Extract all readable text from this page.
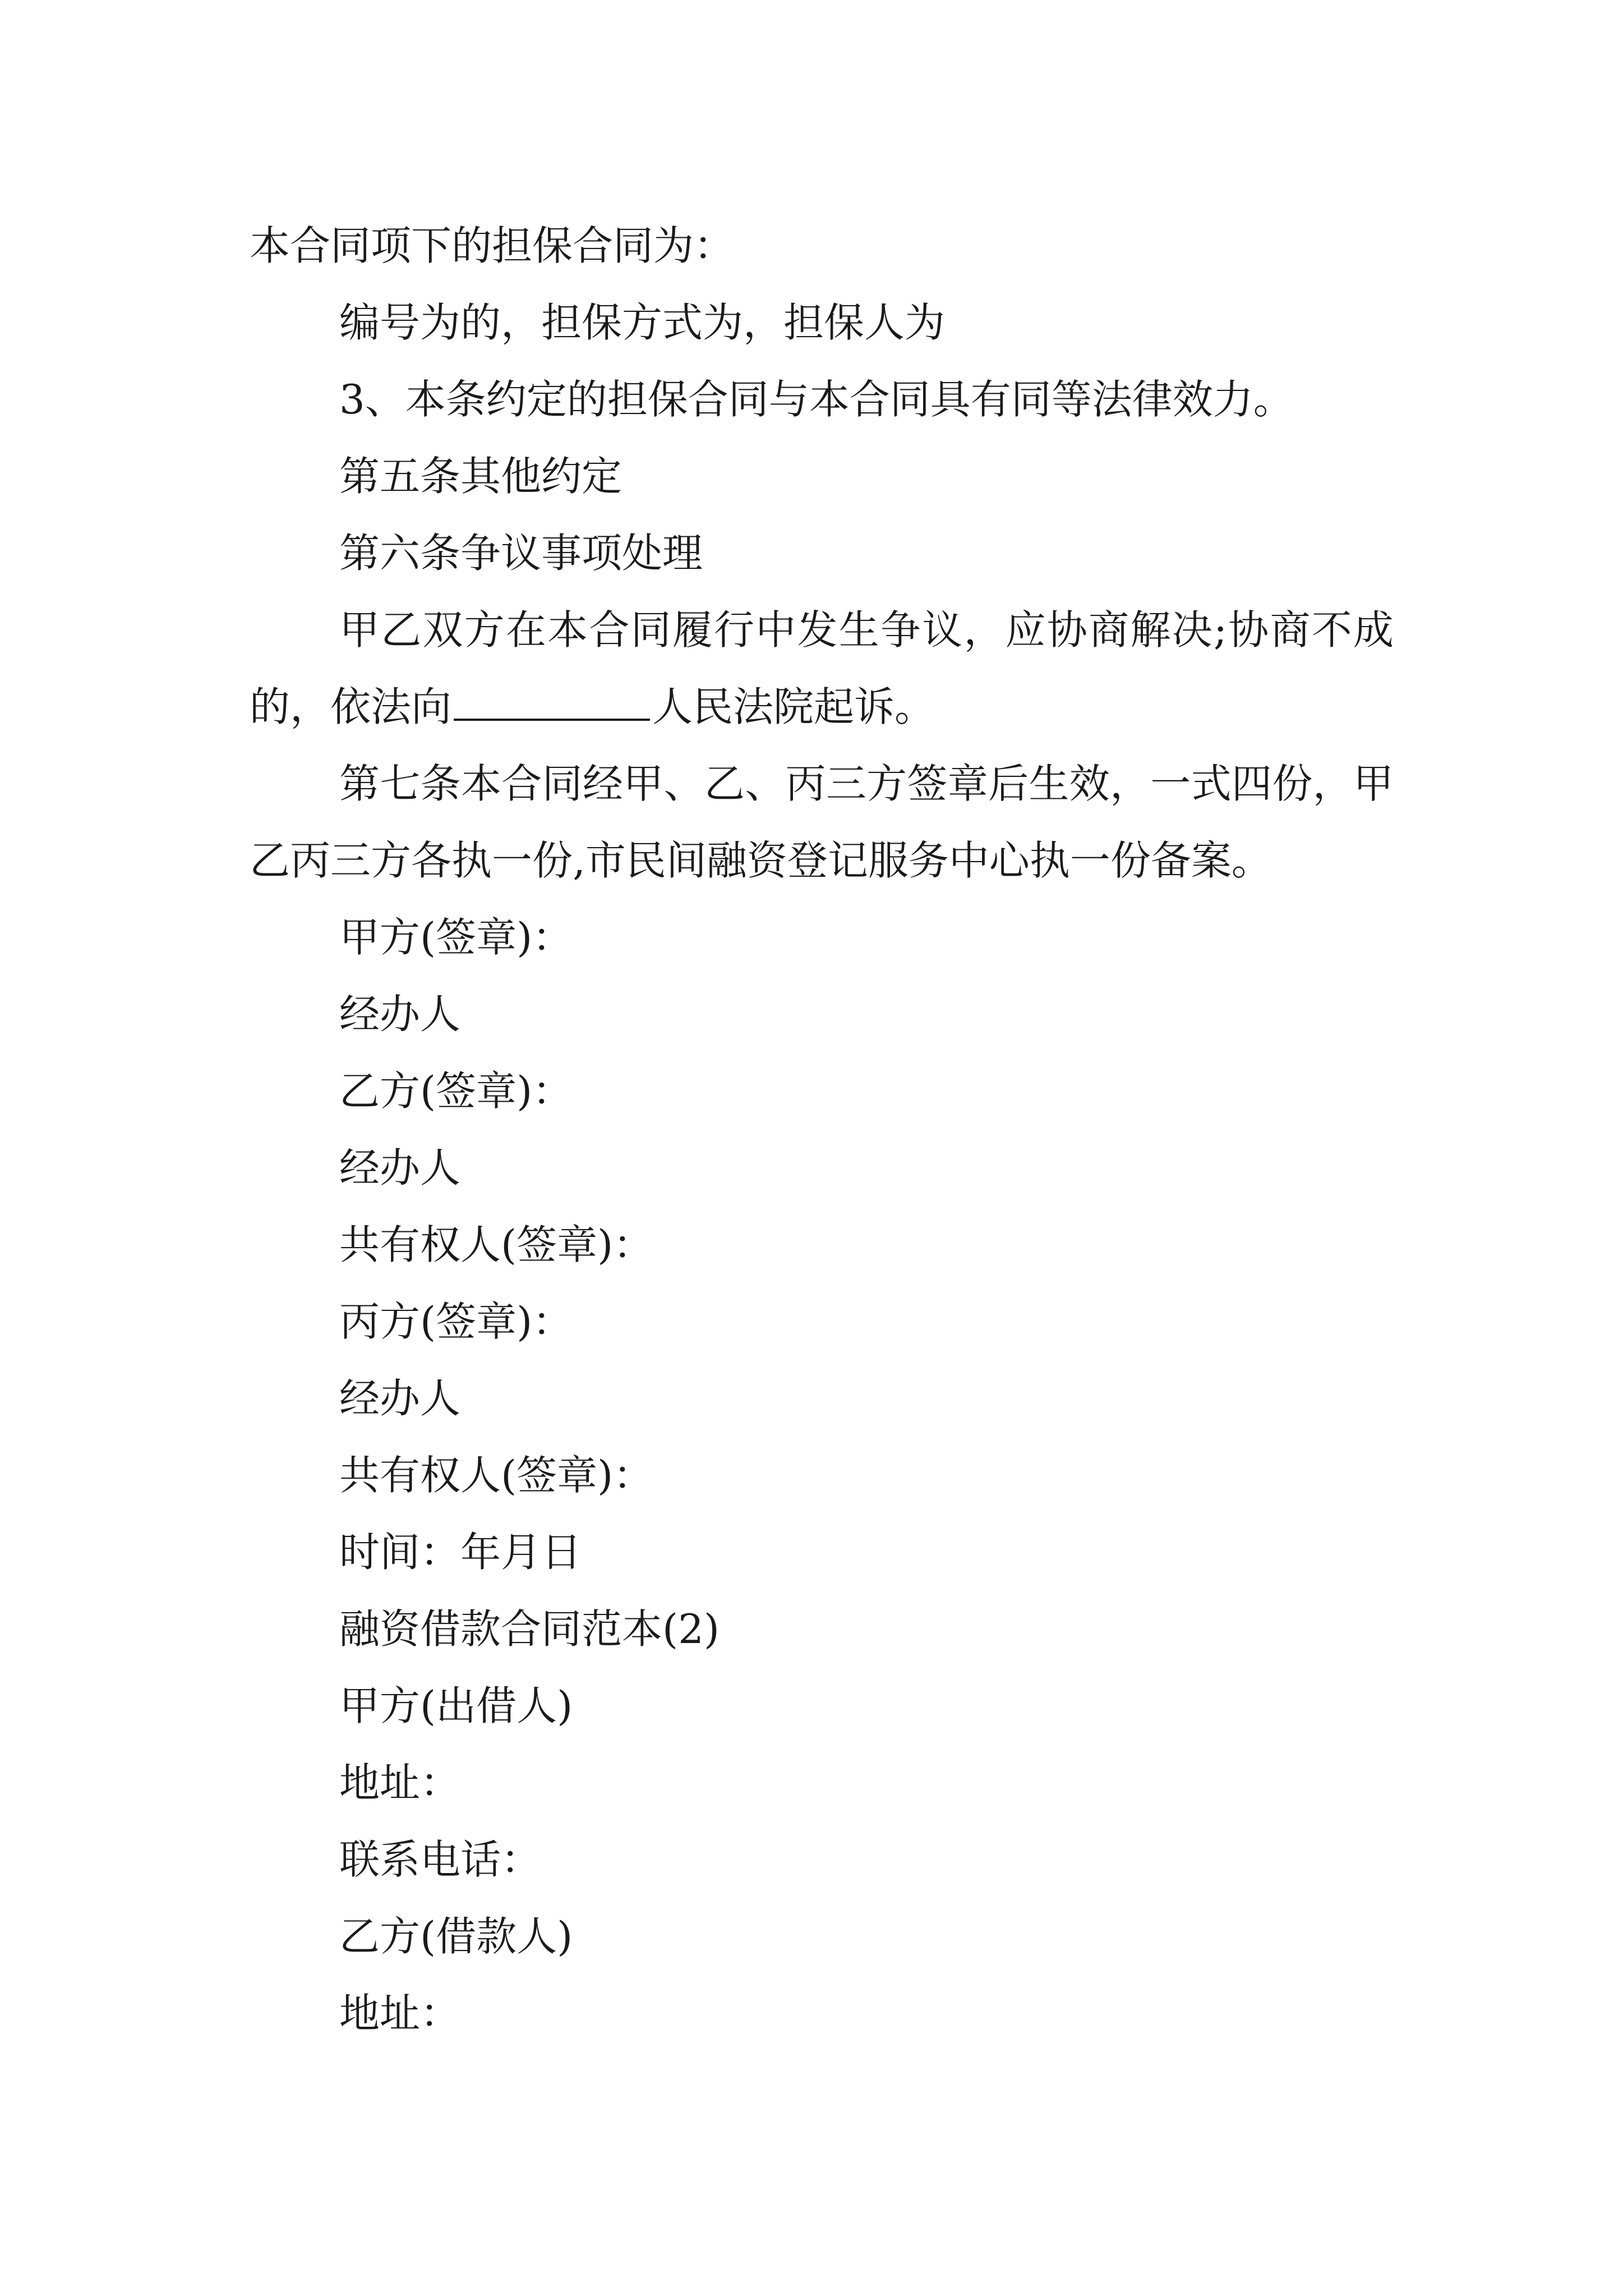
本合同项下的担保合同为：

编号为的，担保方式为，担保人为

3、本条约定的担保合同与本合同具有同等法律效力。

第五条其他约定

第六条争议事项处理

甲乙双方在本合同履行中发生争议，应协商解决;协商不成的，依法向	人民法院起诉。

第七条本合同经甲、乙、丙三方签章后生效，一式四份，甲乙丙三方各执一份,市民间融资登记服务中心执一份备案。

甲方(签章)：

经办人

乙方(签章)：

经办人

共有权人(签章)：

丙方(签章)：

经办人

共有权人(签章)：

时间：年月日

融资借款合同范本(2)

甲方(出借人)

地址：

联系电话：

乙方(借款人)

地址：
